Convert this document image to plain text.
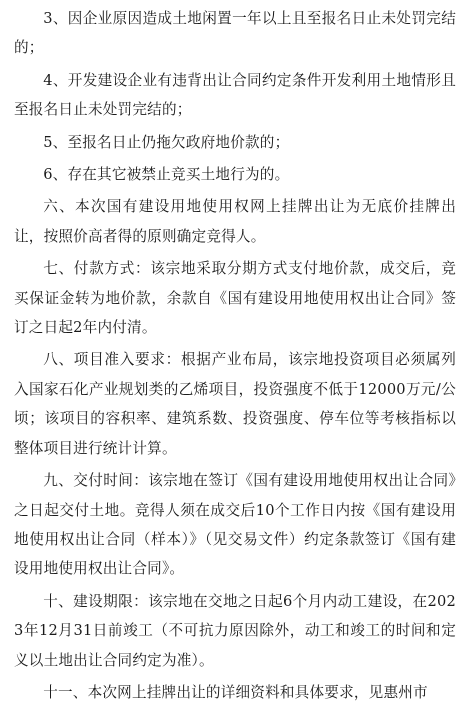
3、因企业原因造成土地闲置一年以上且至报名日止未处罚完结的；

4、开发建设企业有违背出让合同约定条件开发利用土地情形且至报名日止未处罚完结的；

5、至报名日止仍拖欠政府地价款的；

6、存在其它被禁止竞买土地行为的。

六、本次国有建设用地使用权网上挂牌出让为无底价挂牌出让，按照价高者得的原则确定竞得人。

七、付款方式：该宗地采取分期方式支付地价款，成交后，竞买保证金转为地价款，余款自《国有建设用地使用权出让合同》签订之日起2年内付清。

八、项目准入要求：根据产业布局，该宗地投资项目必须属列入国家石化产业规划类的乙烯项目，投资强度不低于12000万元/公顷；该项目的容积率、建筑系数、投资强度、停车位等考核指标以整体项目进行统计计算。

九、交付时间：该宗地在签订《国有建设用地使用权出让合同》之日起交付土地。竞得人须在成交后10个工作日内按《国有建设用地使用权出让合同（样本）》（见交易文件）约定条款签订《国有建设用地使用权出让合同》。

十、建设期限：该宗地在交地之日起6个月内动工建设，在2023年12月31日前竣工（不可抗力原因除外，动工和竣工的时间和定义以土地出让合同约定为准）。

十一、本次网上挂牌出让的详细资料和具体要求，见惠州市
